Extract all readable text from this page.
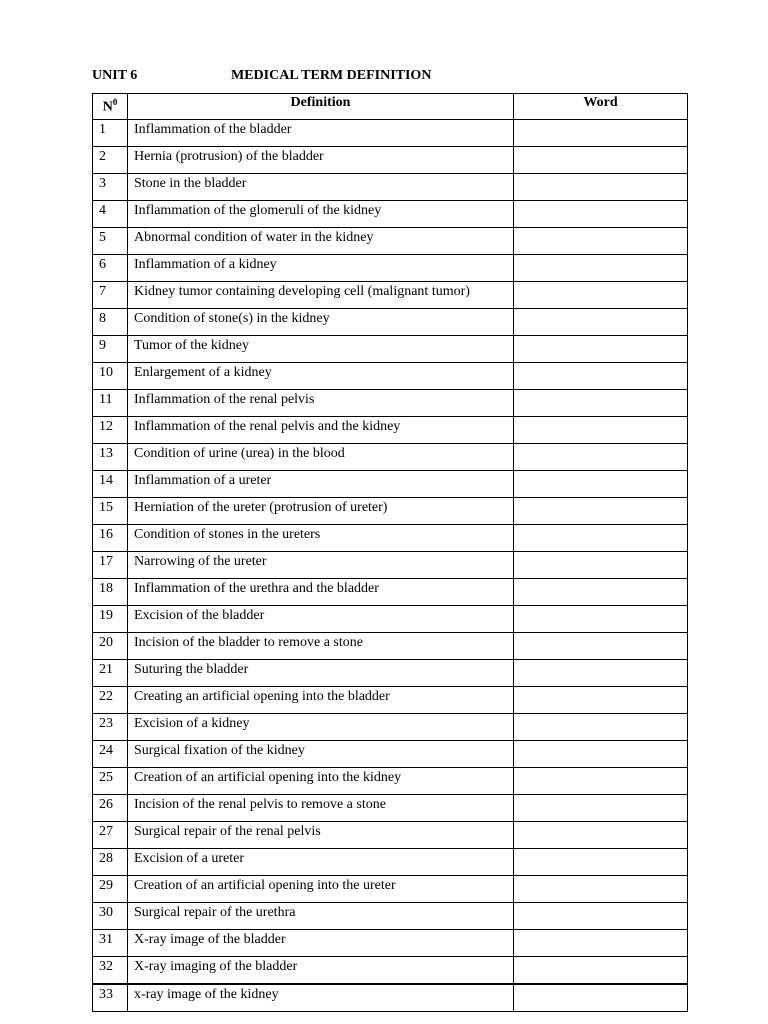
UNIT 6	MEDICAL TERM DEFINITION
$N^0$	Definition	Word
1	Inflammation of the bladder	
2	Hernia (protrusion) of the bladder	
3	Stone in the bladder	
4	Inflammation of the glomeruli of the kidney	
5	Abnormal condition of water in the kidney	
6	Inflammation of a kidney	
7	Kidney tumor containing developing cell (malignant tumor)	
8	Condition of stone(s) in the kidney	
9	Tumor of the kidney	
10	Enlargement of a kidney	
11	Inflammation of the renal pelvis	
12	Inflammation of the renal pelvis and the kidney	
13	Condition of urine (urea) in the blood	
14	Inflammation of a ureter	
15	Herniation of the ureter (protrusion of ureter)	
16	Condition of stones in the ureters	
17	Narrowing of the ureter	
18	Inflammation of the urethra and the bladder	
19	Excision of the bladder	
20	Incision of the bladder to remove a stone	
21	Suturing the bladder	
22	Creating an artificial opening into the bladder	
23	Excision of a kidney	
24	Surgical fixation of the kidney	
25	Creation of an artificial opening into the kidney	
26	Incision of the renal pelvis to remove a stone	
27	Surgical repair of the renal pelvis	
28	Excision of a ureter	
29	Creation of an artificial opening into the ureter	
30	Surgical repair of the urethra	
31	X-ray image of the bladder	
32	X-ray imaging of the bladder	
33	x-ray image of the kidney	
